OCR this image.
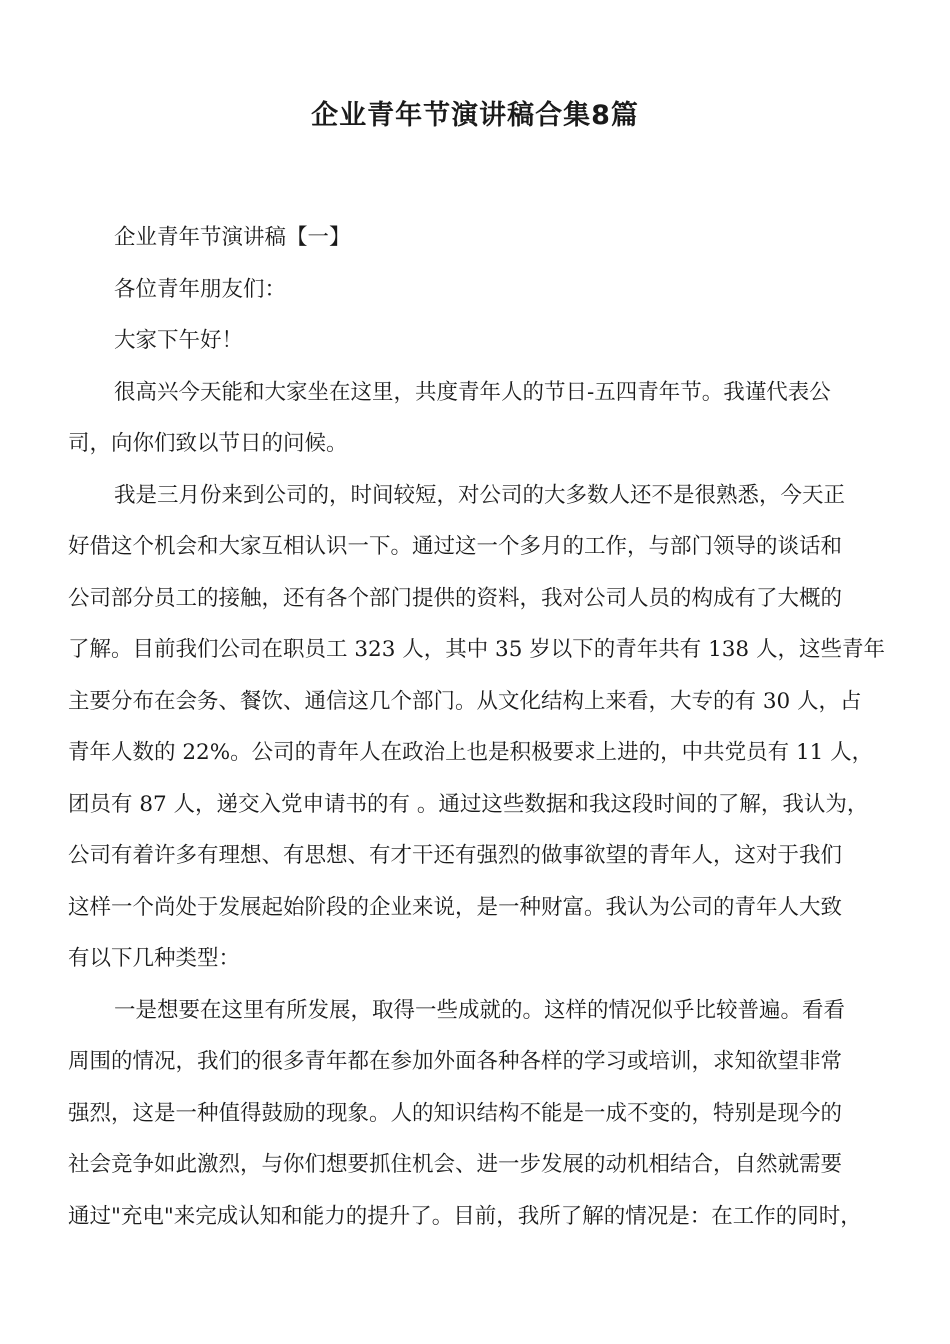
企业青年节演讲稿合集8篇
企业青年节演讲稿【一】
各位青年朋友们：
大家下午好！
很高兴今天能和大家坐在这里，共度青年人的节日-五四青年节。我谨代表公
司，向你们致以节日的问候。
我是三月份来到公司的，时间较短，对公司的大多数人还不是很熟悉，今天正
好借这个机会和大家互相认识一下。通过这一个多月的工作，与部门领导的谈话和
公司部分员工的接触，还有各个部门提供的资料，我对公司人员的构成有了大概的
了解。目前我们公司在职员工 323 人，其中 35 岁以下的青年共有 138 人，这些青年
主要分布在会务、餐饮、通信这几个部门。从文化结构上来看，大专的有 30 人，占
青年人数的 22%。公司的青年人在政治上也是积极要求上进的，中共党员有 11 人，
团员有 87 人，递交入党申请书的有 。通过这些数据和我这段时间的了解，我认为，
公司有着许多有理想、有思想、有才干还有强烈的做事欲望的青年人，这对于我们
这样一个尚处于发展起始阶段的企业来说，是一种财富。我认为公司的青年人大致
有以下几种类型：
一是想要在这里有所发展，取得一些成就的。这样的情况似乎比较普遍。看看
周围的情况，我们的很多青年都在参加外面各种各样的学习或培训，求知欲望非常
强烈，这是一种值得鼓励的现象。人的知识结构不能是一成不变的，特别是现今的
社会竞争如此激烈，与你们想要抓住机会、进一步发展的动机相结合，自然就需要
通过"充电"来完成认知和能力的提升了。目前，我所了解的情况是：在工作的同时，
